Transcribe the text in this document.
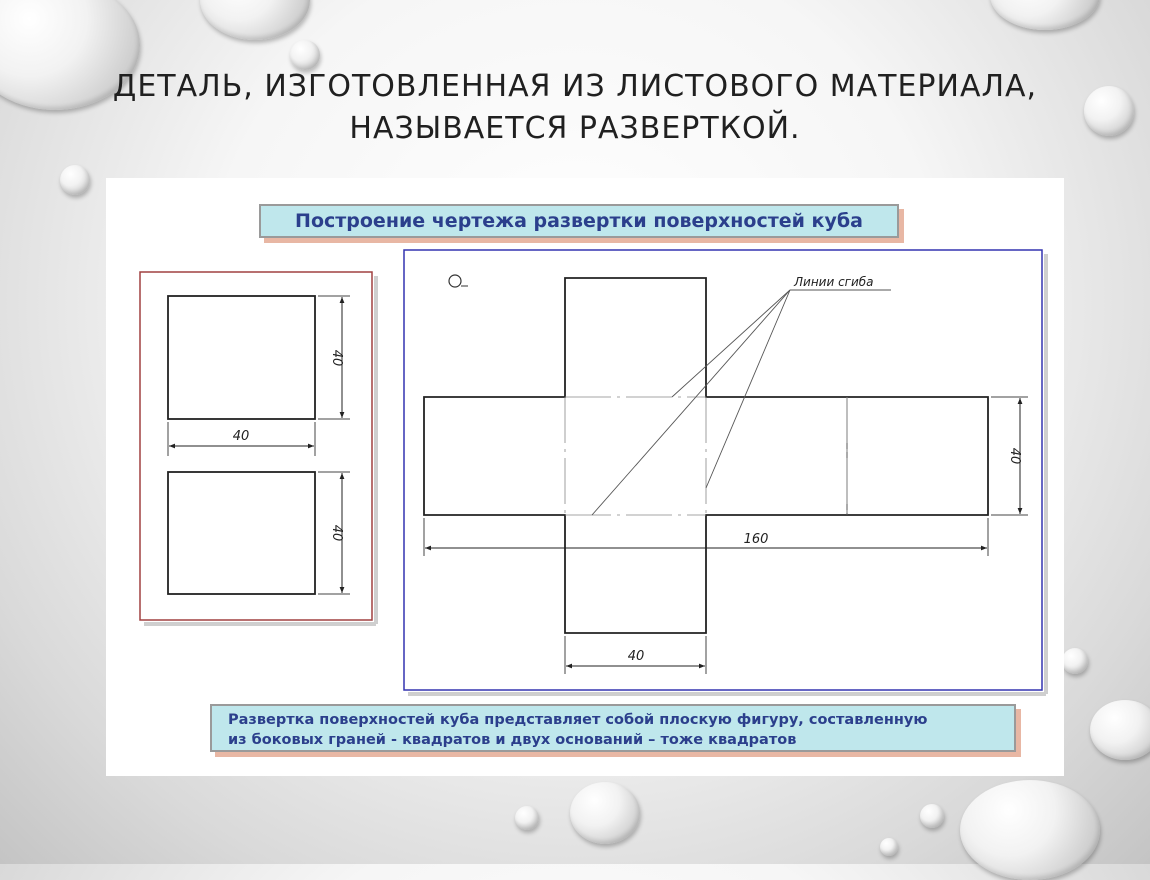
ДЕТАЛЬ, ИЗГОТОВЛЕННАЯ ИЗ ЛИСТОВОГО МАТЕРИАЛА,
НАЗЫВАЕТСЯ РАЗВЕРТКОЙ.
40
40
40
Линии сгиба
40
160
40
Построение чертежа развертки поверхностей куба
Развертка поверхностей куба представляет собой плоскую фигуру, составленную
из боковых граней - квадратов и двух оснований – тоже квадратов
